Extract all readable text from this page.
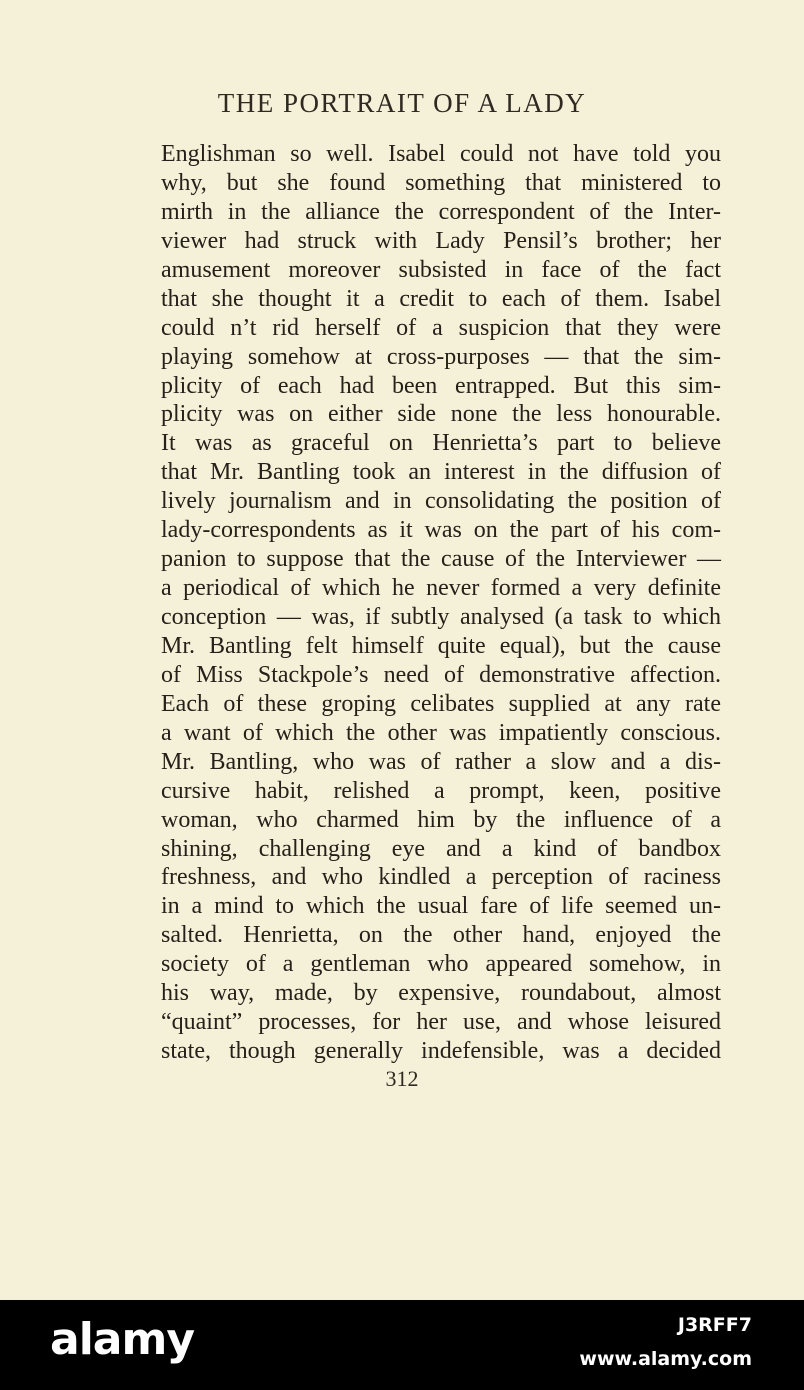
THE PORTRAIT OF A LADY
Englishman so well. Isabel could not have told you
why, but she found something that ministered to
mirth in the alliance the correspondent of the Inter-
viewer had struck with Lady Pensil’s brother; her
amusement moreover subsisted in face of the fact
that she thought it a credit to each of them. Isabel
could n’t rid herself of a suspicion that they were
playing somehow at cross-purposes — that the sim-
plicity of each had been entrapped. But this sim-
plicity was on either side none the less honourable.
It was as graceful on Henrietta’s part to believe
that Mr. Bantling took an interest in the diffusion of
lively journalism and in consolidating the position of
lady-correspondents as it was on the part of his com-
panion to suppose that the cause of the Interviewer —
a periodical of which he never formed a very definite
conception — was, if subtly analysed (a task to which
Mr. Bantling felt himself quite equal), but the cause
of Miss Stackpole’s need of demonstrative affection.
Each of these groping celibates supplied at any rate
a want of which the other was impatiently conscious.
Mr. Bantling, who was of rather a slow and a dis-
cursive habit, relished a prompt, keen, positive
woman, who charmed him by the influence of a
shining, challenging eye and a kind of bandbox
freshness, and who kindled a perception of raciness
in a mind to which the usual fare of life seemed un-
salted. Henrietta, on the other hand, enjoyed the
society of a gentleman who appeared somehow, in
his way, made, by expensive, roundabout, almost
“quaint” processes, for her use, and whose leisured
state, though generally indefensible, was a decided
312
alamy	J3RFF7
www.alamy.com
